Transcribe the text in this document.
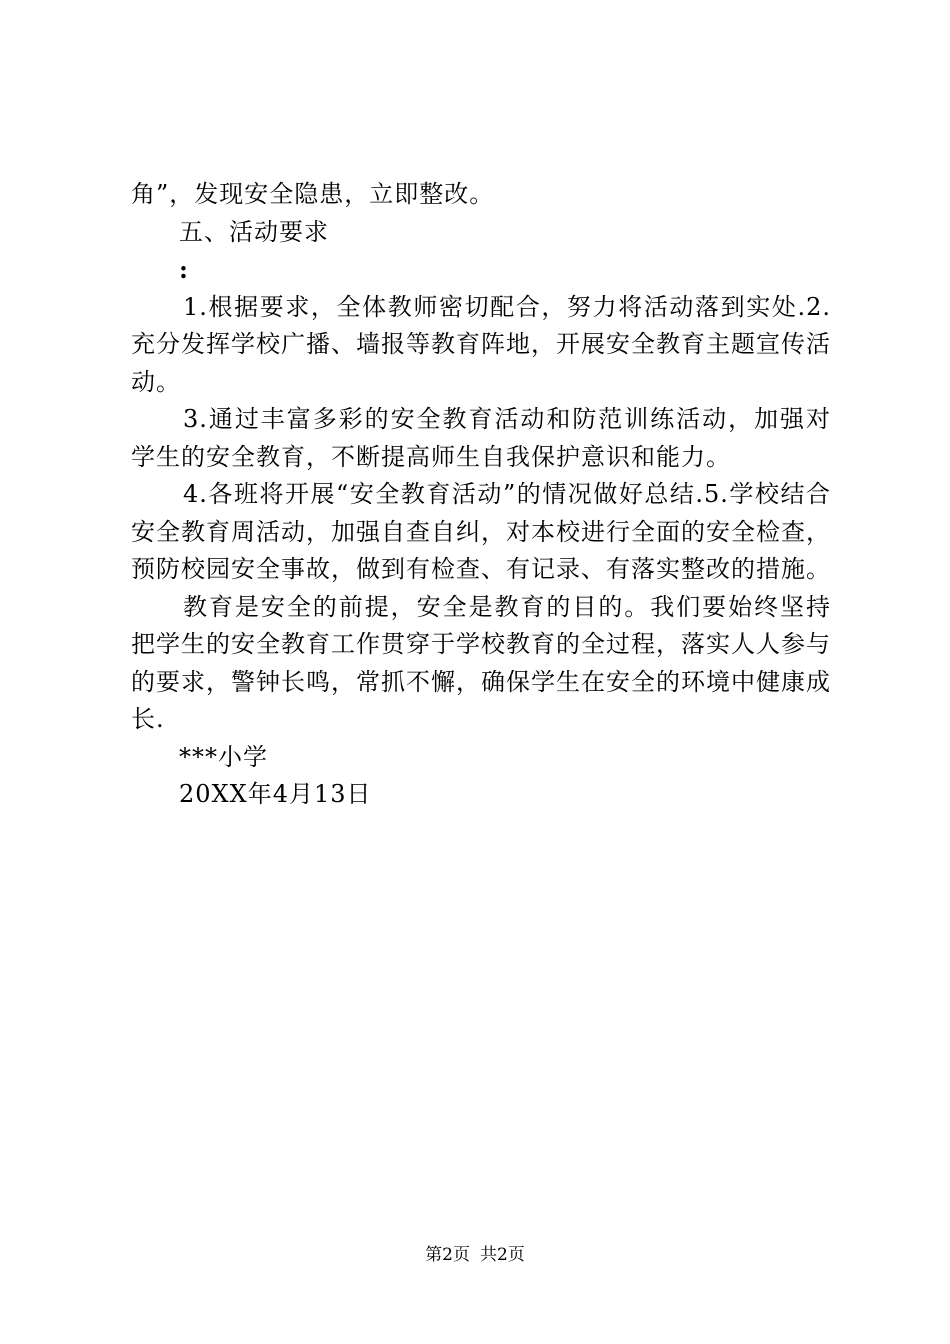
角”，发现安全隐患，立即整改。

五、活动要求

:

1.根据要求，全体教师密切配合，努力将活动落到实处.2.充分发挥学校广播、墙报等教育阵地，开展安全教育主题宣传活动。

3.通过丰富多彩的安全教育活动和防范训练活动，加强对学生的安全教育，不断提高师生自我保护意识和能力。

4.各班将开展“安全教育活动”的情况做好总结.5.学校结合安全教育周活动，加强自查自纠，对本校进行全面的安全检查，预防校园安全事故，做到有检查、有记录、有落实整改的措施。

教育是安全的前提，安全是教育的目的。我们要始终坚持把学生的安全教育工作贯穿于学校教育的全过程，落实人人参与的要求，警钟长鸣，常抓不懈，确保学生在安全的环境中健康成长.

***小学

20XX年4月13日

第2页 共2页
